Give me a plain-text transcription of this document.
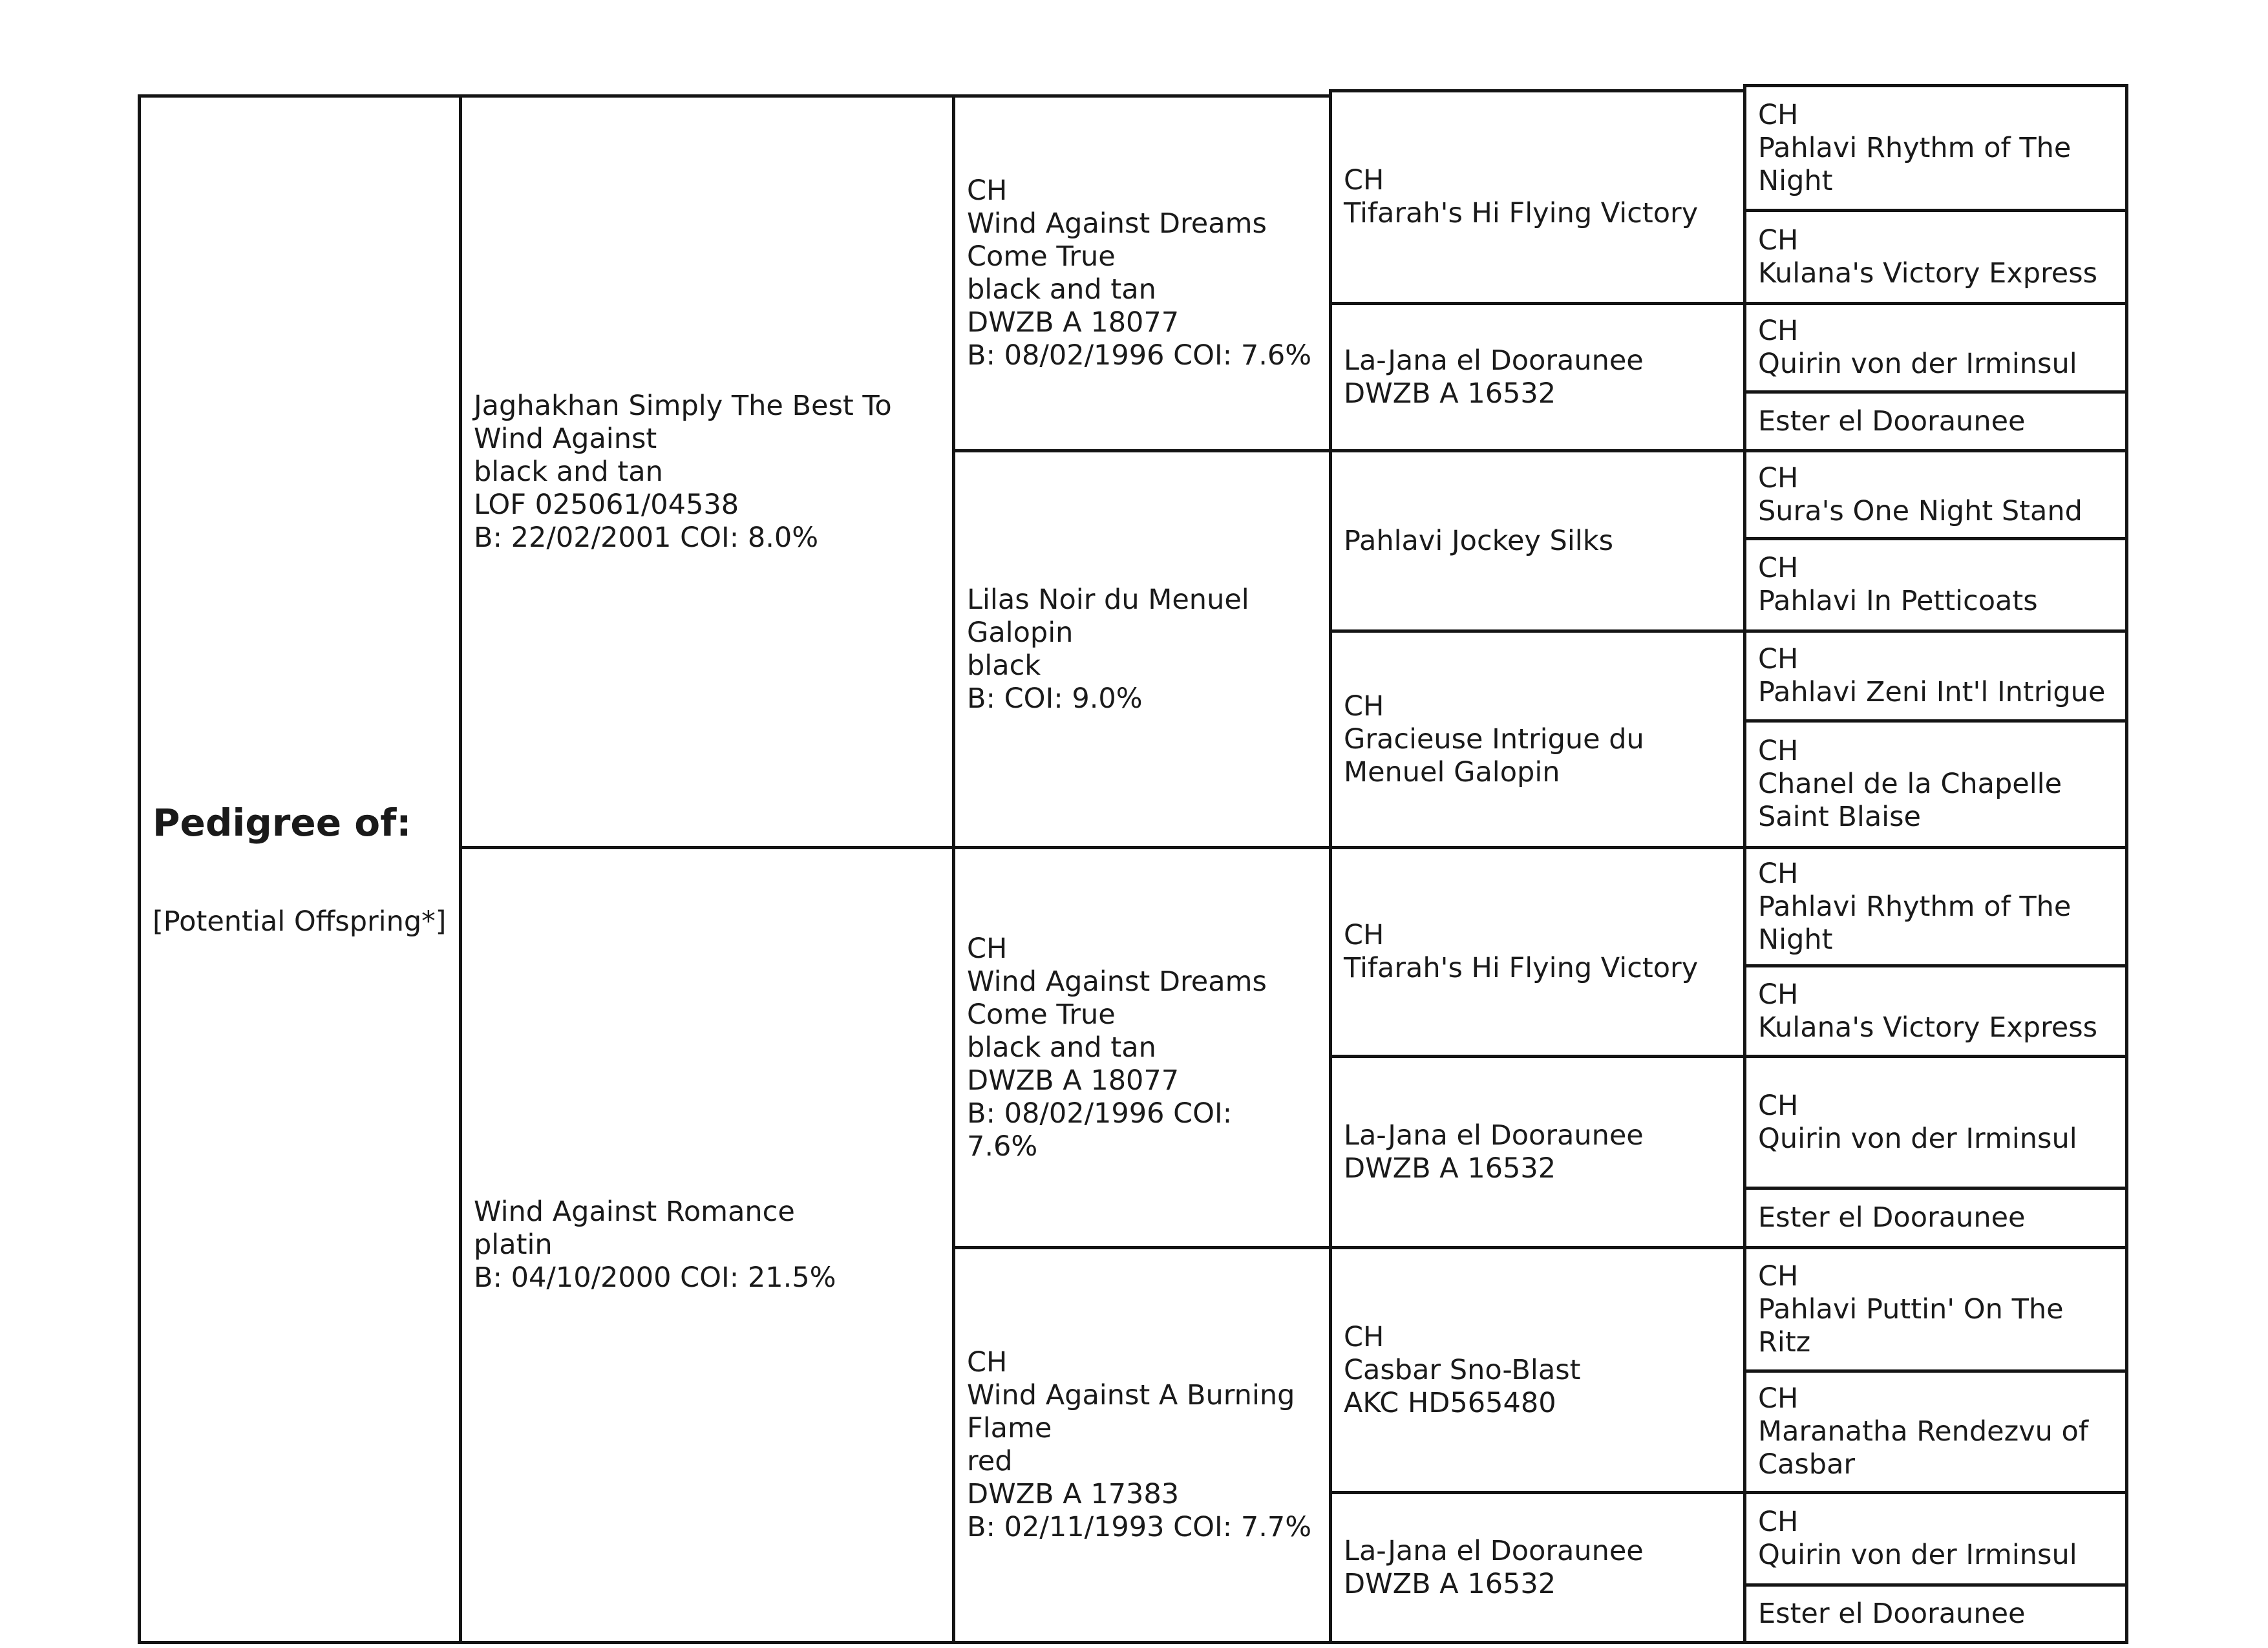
Pedigree of:
[Potential Offspring*]
Jaghakhan Simply The Best To Wind Against
black and tan
LOF 025061/04538
B: 22/02/2001 COI: 8.0%
Wind Against Romance
platin
B: 04/10/2000 COI: 21.5%
CH
Wind Against Dreams Come True
black and tan
DWZB A 18077
B: 08/02/1996 COI: 7.6%
Lilas Noir du Menuel Galopin
black
B: COI: 9.0%
CH
Wind Against Dreams Come True
black and tan
DWZB A 18077
B: 08/02/1996 COI:
7.6%
CH
Wind Against A Burning Flame
red
DWZB A 17383
B: 02/11/1993 COI: 7.7%
CH
Tifarah's Hi Flying Victory
La-Jana el Dooraunee
DWZB A 16532
Pahlavi Jockey Silks
CH
Gracieuse Intrigue du Menuel Galopin
CH
Tifarah's Hi Flying Victory
La-Jana el Dooraunee
DWZB A 16532
CH
Casbar Sno-Blast
AKC HD565480
La-Jana el Dooraunee
DWZB A 16532
CH
Pahlavi Rhythm of The Night
CH
Kulana's Victory Express
CH
Quirin von der Irminsul
Ester el Dooraunee
CH
Sura's One Night Stand
CH
Pahlavi In Petticoats
CH
Pahlavi Zeni Int'l Intrigue
CH
Chanel de la Chapelle Saint Blaise
CH
Pahlavi Rhythm of The Night
CH
Kulana's Victory Express
CH
Quirin von der Irminsul
Ester el Dooraunee
CH
Pahlavi Puttin' On The Ritz
CH
Maranatha Rendezvu of Casbar
CH
Quirin von der Irminsul
Ester el Dooraunee
